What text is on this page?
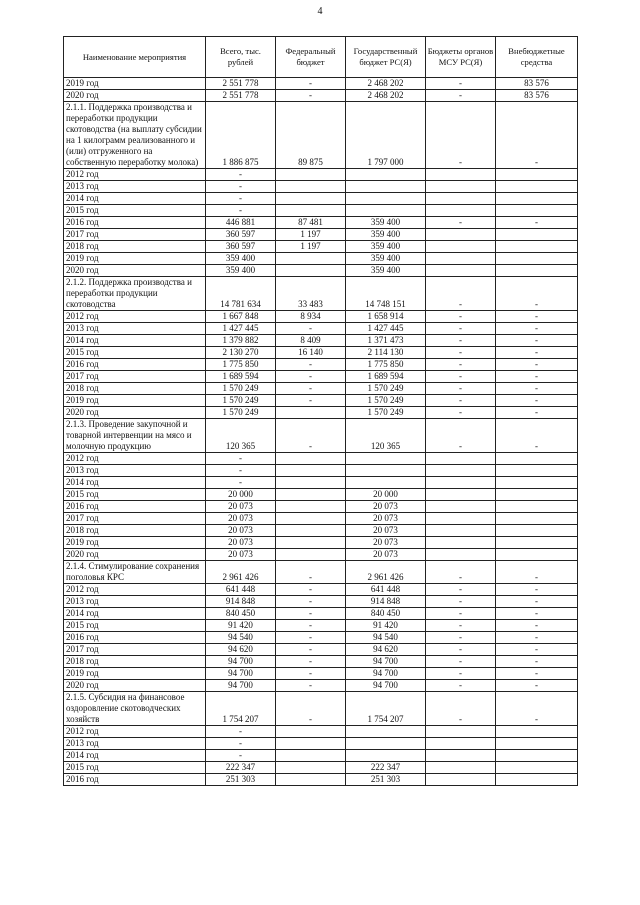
4
Наименование мероприятия	Всего, тыс. рублей	Федеральный бюджет	Государственный бюджет РС(Я)	Бюджеты органов МСУ РС(Я)	Внебюджетные средства
2019 год	2 551 778	-	2 468 202	-	83 576
2020 год	2 551 778	-	2 468 202	-	83 576
2.1.1. Поддержка производства и переработки продукции скотоводства (на выплату субсидии на 1 килограмм реализованного и (или) отгруженного на собственную переработку молока)	1 886 875	89 875	1 797 000	-	-
2012 год	-				
2013 год	-				
2014 год	-				
2015 год	-				
2016 год	446 881	87 481	359 400	-	-
2017 год	360 597	1 197	359 400		
2018 год	360 597	1 197	359 400		
2019 год	359 400		359 400		
2020 год	359 400		359 400		
2.1.2. Поддержка производства и переработки продукции скотоводства	14 781 634	33 483	14 748 151	-	-
2012 год	1 667 848	8 934	1 658 914	-	-
2013 год	1 427 445	-	1 427 445	-	-
2014 год	1 379 882	8 409	1 371 473	-	-
2015 год	2 130 270	16 140	2 114 130	-	-
2016 год	1 775 850	-	1 775 850	-	-
2017 год	1 689 594	-	1 689 594	-	-
2018 год	1 570 249	-	1 570 249	-	-
2019 год	1 570 249	-	1 570 249	-	-
2020 год	1 570 249		1 570 249	-	-
2.1.3. Проведение закупочной и товарной интервенции на мясо и молочную продукцию	120 365	-	120 365	-	-
2012 год	-				
2013 год	-				
2014 год	-				
2015 год	20 000		20 000		
2016 год	20 073		20 073		
2017 год	20 073		20 073		
2018 год	20 073		20 073		
2019 год	20 073		20 073		
2020 год	20 073		20 073		
2.1.4. Стимулирование сохранения поголовья КРС	2 961 426	-	2 961 426	-	-
2012 год	641 448	-	641 448	-	-
2013 год	914 848	-	914 848	-	-
2014 год	840 450	-	840 450	-	-
2015 год	91 420	-	91 420	-	-
2016 год	94 540	-	94 540	-	-
2017 год	94 620	-	94 620	-	-
2018 год	94 700	-	94 700	-	-
2019 год	94 700	-	94 700	-	-
2020 год	94 700	-	94 700	-	-
2.1.5. Субсидия на финансовое оздоровление скотоводческих хозяйств	1 754 207	-	1 754 207	-	-
2012 год	-				
2013 год	-				
2014 год	-				
2015 год	222 347		222 347		
2016 год	251 303		251 303		
